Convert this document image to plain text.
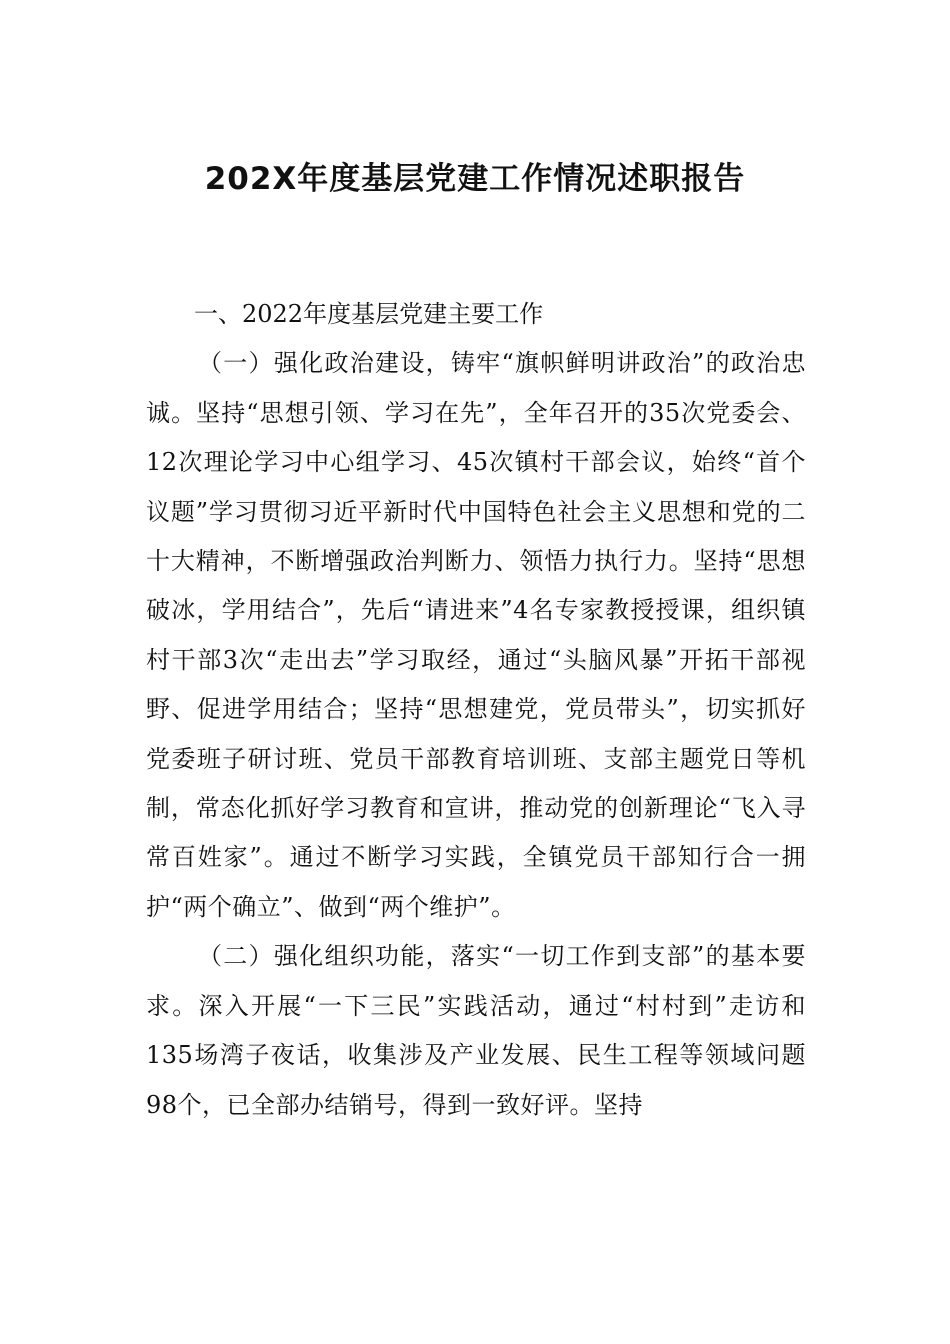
202X年度基层党建工作情况述职报告
一、2022年度基层党建主要工作

（一）强化政治建设，铸牢“旗帜鲜明讲政治”的政治忠诚。坚持“思想引领、学习在先”，全年召开的35次党委会、12次理论学习中心组学习、45次镇村干部会议，始终“首个议题”学习贯彻习近平新时代中国特色社会主义思想和党的二十大精神，不断增强政治判断力、领悟力执行力。坚持“思想破冰，学用结合”，先后“请进来”4名专家教授授课，组织镇村干部3次“走出去”学习取经，通过“头脑风暴”开拓干部视野、促进学用结合；坚持“思想建党，党员带头”，切实抓好党委班子研讨班、党员干部教育培训班、支部主题党日等机制，常态化抓好学习教育和宣讲，推动党的创新理论“飞入寻常百姓家”。通过不断学习实践，全镇党员干部知行合一拥护“两个确立”、做到“两个维护”。

（二）强化组织功能，落实“一切工作到支部”的基本要求。深入开展“一下三民”实践活动，通过“村村到”走访和135场湾子夜话，收集涉及产业发展、民生工程等领域问题98个，已全部办结销号，得到一致好评。坚持
